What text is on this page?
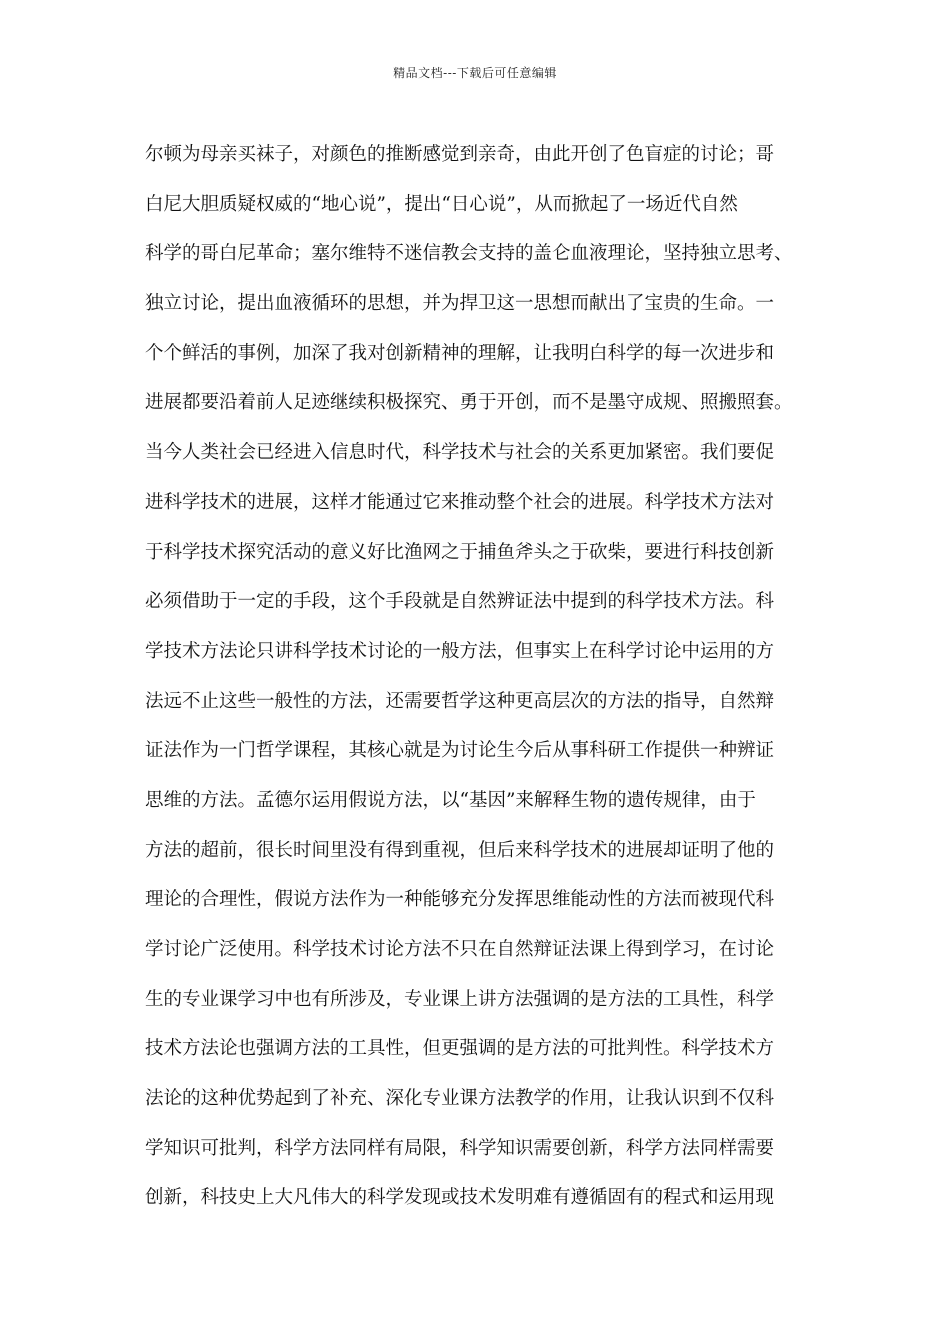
精品文档---下载后可任意编辑
尔顿为母亲买袜子，对颜色的推断感觉到亲奇，由此开创了色盲症的讨论；哥
白尼大胆质疑权威的“地心说”，提出“日心说”，从而掀起了一场近代自然
科学的哥白尼革命；塞尔维特不迷信教会支持的盖仑血液理论，坚持独立思考、
独立讨论，提出血液循环的思想，并为捍卫这一思想而献出了宝贵的生命。一
个个鲜活的事例，加深了我对创新精神的理解，让我明白科学的每一次进步和
进展都要沿着前人足迹继续积极探究、勇于开创，而不是墨守成规、照搬照套。
当今人类社会已经进入信息时代，科学技术与社会的关系更加紧密。我们要促
进科学技术的进展，这样才能通过它来推动整个社会的进展。科学技术方法对
于科学技术探究活动的意义好比渔网之于捕鱼斧头之于砍柴，要进行科技创新
必须借助于一定的手段，这个手段就是自然辨证法中提到的科学技术方法。科
学技术方法论只讲科学技术讨论的一般方法，但事实上在科学讨论中运用的方
法远不止这些一般性的方法，还需要哲学这种更高层次的方法的指导，自然辩
证法作为一门哲学课程，其核心就是为讨论生今后从事科研工作提供一种辨证
思维的方法。孟德尔运用假说方法，以“基因”来解释生物的遗传规律，由于
方法的超前，很长时间里没有得到重视，但后来科学技术的进展却证明了他的
理论的合理性，假说方法作为一种能够充分发挥思维能动性的方法而被现代科
学讨论广泛使用。科学技术讨论方法不只在自然辩证法课上得到学习，在讨论
生的专业课学习中也有所涉及，专业课上讲方法强调的是方法的工具性，科学
技术方法论也强调方法的工具性，但更强调的是方法的可批判性。科学技术方
法论的这种优势起到了补充、深化专业课方法教学的作用，让我认识到不仅科
学知识可批判，科学方法同样有局限，科学知识需要创新，科学方法同样需要
创新，科技史上大凡伟大的科学发现或技术发明难有遵循固有的程式和运用现
